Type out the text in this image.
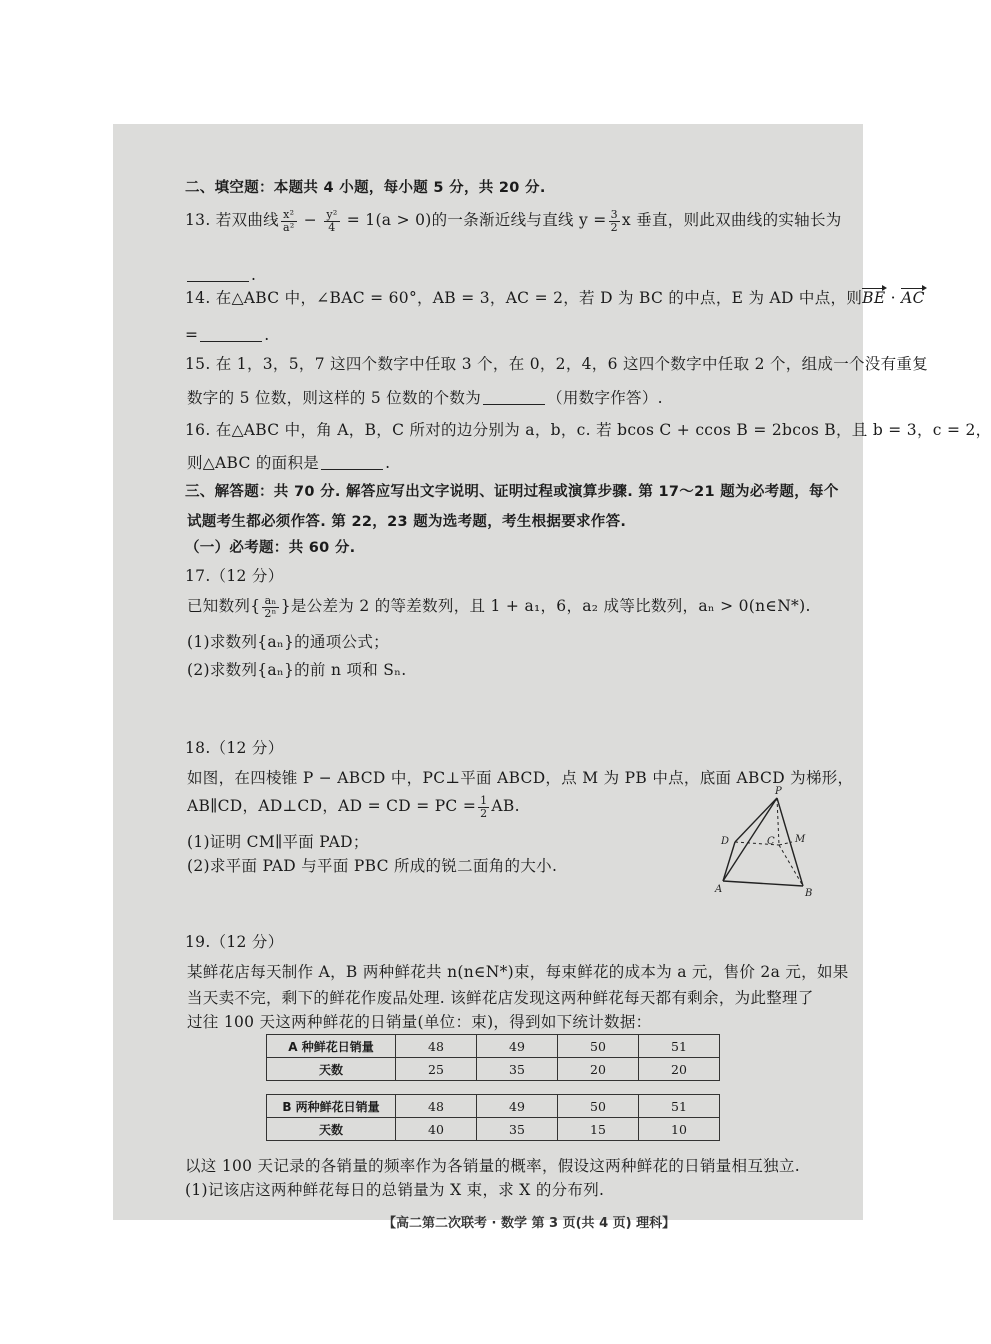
二、填空题：本题共 4 小题，每小题 5 分，共 20 分.
13. 若双曲线 $\frac{\text{x²}}{\text{a²}} - \frac{\text{y²}}{4} = 1(a > 0)$的一条渐近线与直线 $y = \frac{3}{2}$ x 垂直，则此双曲线的实轴长为
.
14. 在△ABC 中，∠BAC = 60°，AB = 3，AC = 2，若 D 为 BC 的中点，E 为 AD 中点，则BE · AC
=	.
15. 在 1，3，5，7 这四个数字中任取 3 个，在 0，2，4，6 这四个数字中任取 2 个，组成一个没有重复
数字的 5 位数，则这样的 5 位数的个数为	（用数字作答）.
16. 在△ABC 中，角 A，B，C 所对的边分别为 a，b，c. 若 bcos C + ccos B = 2bcos B，且 b = 3，c = 2，
则△ABC 的面积是	.
三、解答题：共 70 分. 解答应写出文字说明、证明过程或演算步骤. 第 17～21 题为必考题，每个
试题考生都必须作答. 第 22，23 题为选考题，考生根据要求作答.
（一）必考题：共 60 分.
17.（12 分）
已知数列{ $\frac{\text{aₙ}}{\text{2ⁿ}}$ }是公差为 2 的等差数列，且 1 + a₁，6，a₂ 成等比数列，aₙ > 0(n∈N*).
(1)求数列{aₙ}的通项公式；
(2)求数列{aₙ}的前 n 项和 Sₙ.
18.（12 分）
如图，在四棱锥 P − ABCD 中，PC⊥平面 ABCD，点 M 为 PB 中点，底面 ABCD 为梯形，
AB∥CD，AD⊥CD，AD = CD = PC = $\frac{1}{2}$ AB.
(1)证明 CM∥平面 PAD；
(2)求平面 PAD 与平面 PBC 所成的锐二面角的大小.
P
D	C M
A	B
19.（12 分）
某鲜花店每天制作 A，B 两种鲜花共 n(n∈N*)束，每束鲜花的成本为 a 元，售价 2a 元，如果
当天卖不完，剩下的鲜花作废品处理. 该鲜花店发现这两种鲜花每天都有剩余，为此整理了
过往 100 天这两种鲜花的日销量(单位：束)，得到如下统计数据：
A 种鲜花日销量	48	49	50	51
天数	25	35	20	20
B 两种鲜花日销量	48	49	50	51
天数	40	35	15	10
以这 100 天记录的各销量的频率作为各销量的概率，假设这两种鲜花的日销量相互独立.
(1)记该店这两种鲜花每日的总销量为 X 束，求 X 的分布列.
【高二第二次联考 · 数学 第 3 页(共 4 页) 理科】
